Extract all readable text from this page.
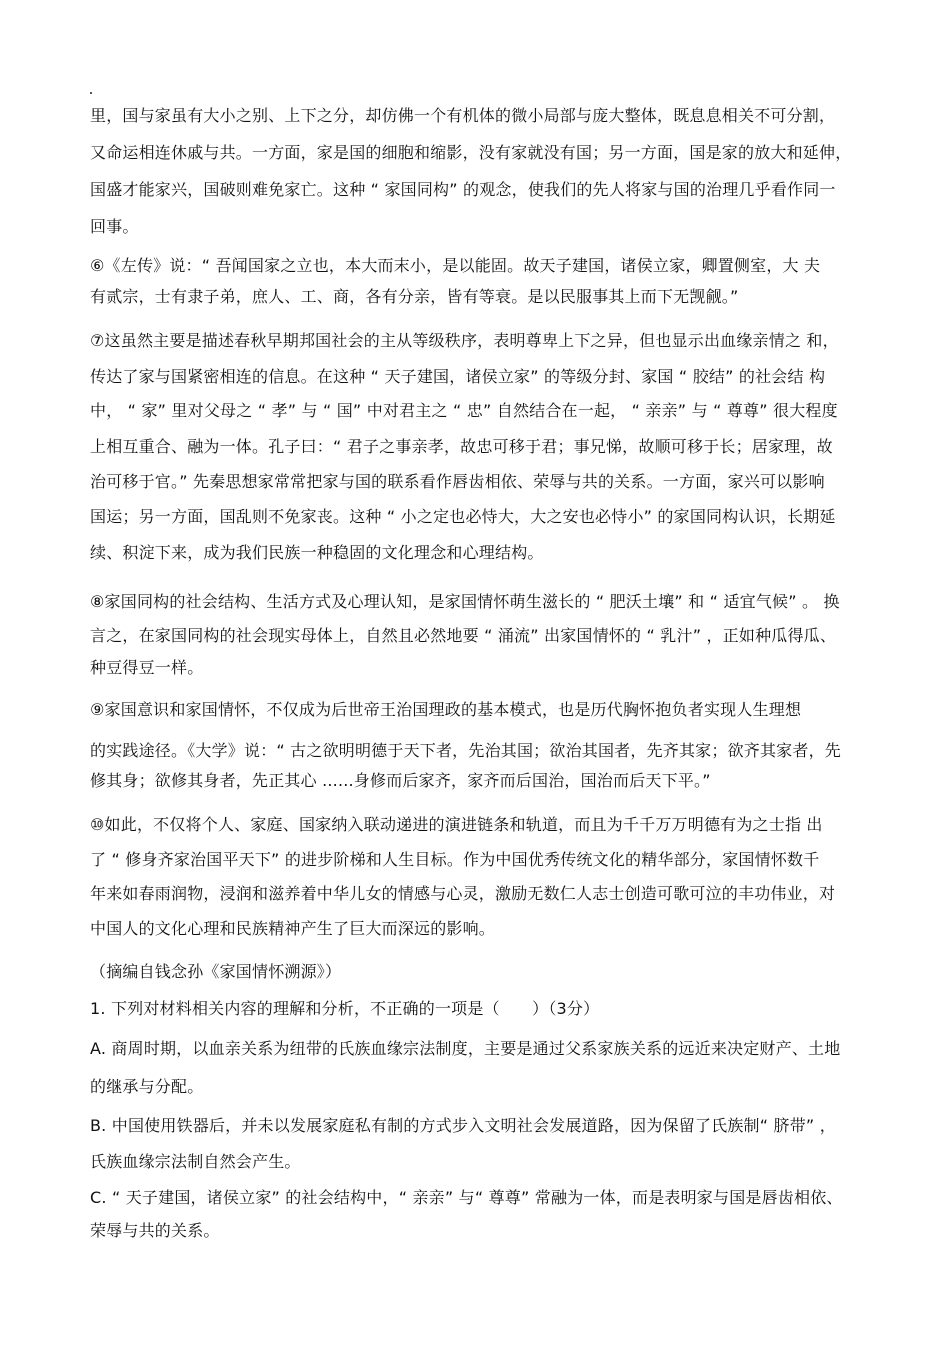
里，国与家虽有大小之别、上下之分，却仿佛一个有机体的微小局部与庞大整体，既息息相关不可分割，
又命运相连休戚与共。一方面，家是国的细胞和缩影，没有家就没有国；另一方面，国是家的放大和延伸，
国盛才能家兴，国破则难免家亡。这种 “ 家国同构” 的观念，使我们的先人将家与国的治理几乎看作同一
回事。
⑥《左传》说：“ 吾闻国家之立也，本大而末小，是以能固。故天子建国，诸侯立家，卿置侧室，大 夫
有贰宗，士有隶子弟，庶人、工、商，各有分亲，皆有等衰。是以民服事其上而下无觊觎。”
⑦这虽然主要是描述春秋早期邦国社会的主从等级秩序，表明尊卑上下之异，但也显示出血缘亲情之 和，
传达了家与国紧密相连的信息。在这种 “ 天子建国，诸侯立家” 的等级分封、家国 “ 胶结” 的社会结 构
中， “ 家” 里对父母之 “ 孝” 与 “ 国” 中对君主之 “ 忠” 自然结合在一起， “ 亲亲” 与 “ 尊尊” 很大程度
上相互重合、融为一体。孔子曰：“ 君子之事亲孝，故忠可移于君；事兄悌，故顺可移于长；居家理，故
治可移于官。” 先秦思想家常常把家与国的联系看作唇齿相依、荣辱与共的关系。一方面，家兴可以影响
国运；另一方面，国乱则不免家丧。这种 “ 小之定也必恃大，大之安也必恃小” 的家国同构认识，长期延
续、积淀下来，成为我们民族一种稳固的文化理念和心理结构。
⑧家国同构的社会结构、生活方式及心理认知，是家国情怀萌生滋长的 “ 肥沃土壤” 和 “ 适宜气候” 。 换
言之，在家国同构的社会现实母体上，自然且必然地要 “ 涌流” 出家国情怀的 “ 乳汁” ，正如种瓜得瓜、
种豆得豆一样。
⑨家国意识和家国情怀，不仅成为后世帝王治国理政的基本模式，也是历代胸怀抱负者实现人生理想
的实践途径。《大学》说：“ 古之欲明明德于天下者，先治其国；欲治其国者，先齐其家；欲齐其家者，先
修其身；欲修其身者，先正其心 ......身修而后家齐，家齐而后国治，国治而后天下平。”
⑩如此，不仅将个人、家庭、国家纳入联动递进的演进链条和轨道，而且为千千万万明德有为之士指 出
了 “ 修身齐家治国平天下” 的进步阶梯和人生目标。作为中国优秀传统文化的精华部分，家国情怀数千
年来如春雨润物，浸润和滋养着中华儿女的情感与心灵，激励无数仁人志士创造可歌可泣的丰功伟业，对
中国人的文化心理和民族精神产生了巨大而深远的影响。
（摘编自钱念孙《家国情怀溯源》）
1. 下列对材料相关内容的理解和分析，不正确的一项是（　　）（3分）
A. 商周时期，以血亲关系为纽带的氏族血缘宗法制度，主要是通过父系家族关系的远近来决定财产、土地
的继承与分配。
B. 中国使用铁器后，并未以发展家庭私有制的方式步入文明社会发展道路，因为保留了氏族制“ 脐带” ，
氏族血缘宗法制自然会产生。
C. “ 天子建国，诸侯立家” 的社会结构中，“ 亲亲” 与“ 尊尊” 常融为一体，而是表明家与国是唇齿相依、
荣辱与共的关系。
